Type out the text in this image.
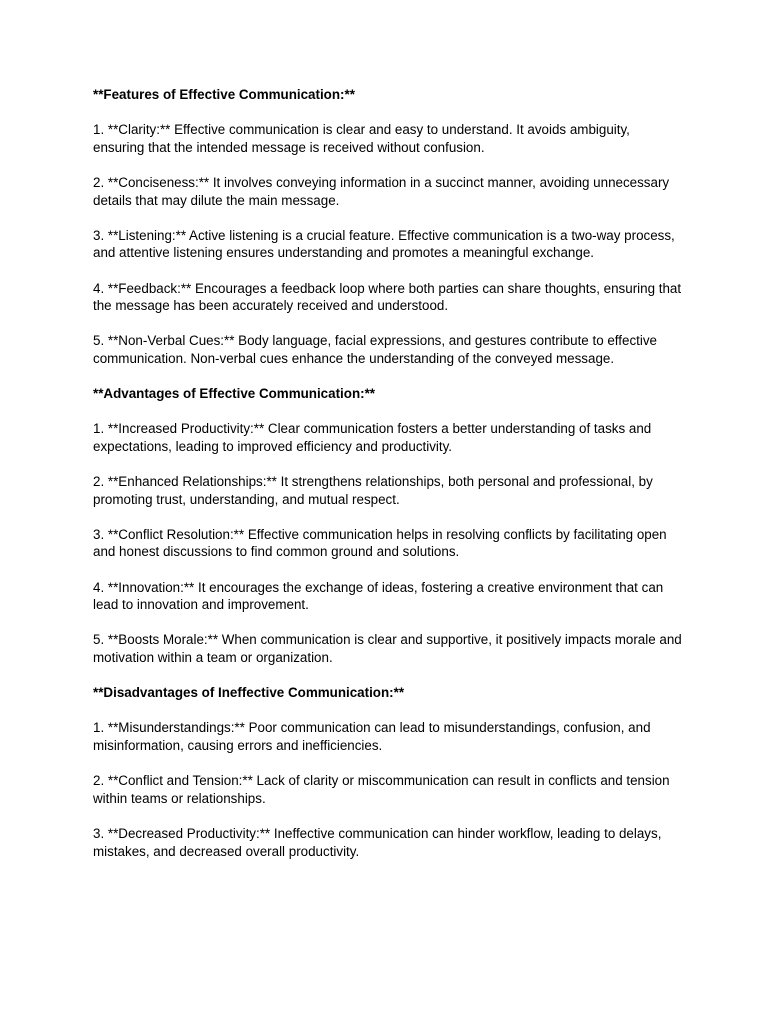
**Features of Effective Communication:**
1. **Clarity:** Effective communication is clear and easy to understand. It avoids ambiguity, ensuring that the intended message is received without confusion.
2. **Conciseness:** It involves conveying information in a succinct manner, avoiding unnecessary details that may dilute the main message.
3. **Listening:** Active listening is a crucial feature. Effective communication is a two-way process, and attentive listening ensures understanding and promotes a meaningful exchange.
4. **Feedback:** Encourages a feedback loop where both parties can share thoughts, ensuring that the message has been accurately received and understood.
5. **Non-Verbal Cues:** Body language, facial expressions, and gestures contribute to effective communication. Non-verbal cues enhance the understanding of the conveyed message.
**Advantages of Effective Communication:**
1. **Increased Productivity:** Clear communication fosters a better understanding of tasks and expectations, leading to improved efficiency and productivity.
2. **Enhanced Relationships:** It strengthens relationships, both personal and professional, by promoting trust, understanding, and mutual respect.
3. **Conflict Resolution:** Effective communication helps in resolving conflicts by facilitating open and honest discussions to find common ground and solutions.
4. **Innovation:** It encourages the exchange of ideas, fostering a creative environment that can lead to innovation and improvement.
5. **Boosts Morale:** When communication is clear and supportive, it positively impacts morale and motivation within a team or organization.
**Disadvantages of Ineffective Communication:**
1. **Misunderstandings:** Poor communication can lead to misunderstandings, confusion, and misinformation, causing errors and inefficiencies.
2. **Conflict and Tension:** Lack of clarity or miscommunication can result in conflicts and tension within teams or relationships.
3. **Decreased Productivity:** Ineffective communication can hinder workflow, leading to delays, mistakes, and decreased overall productivity.
